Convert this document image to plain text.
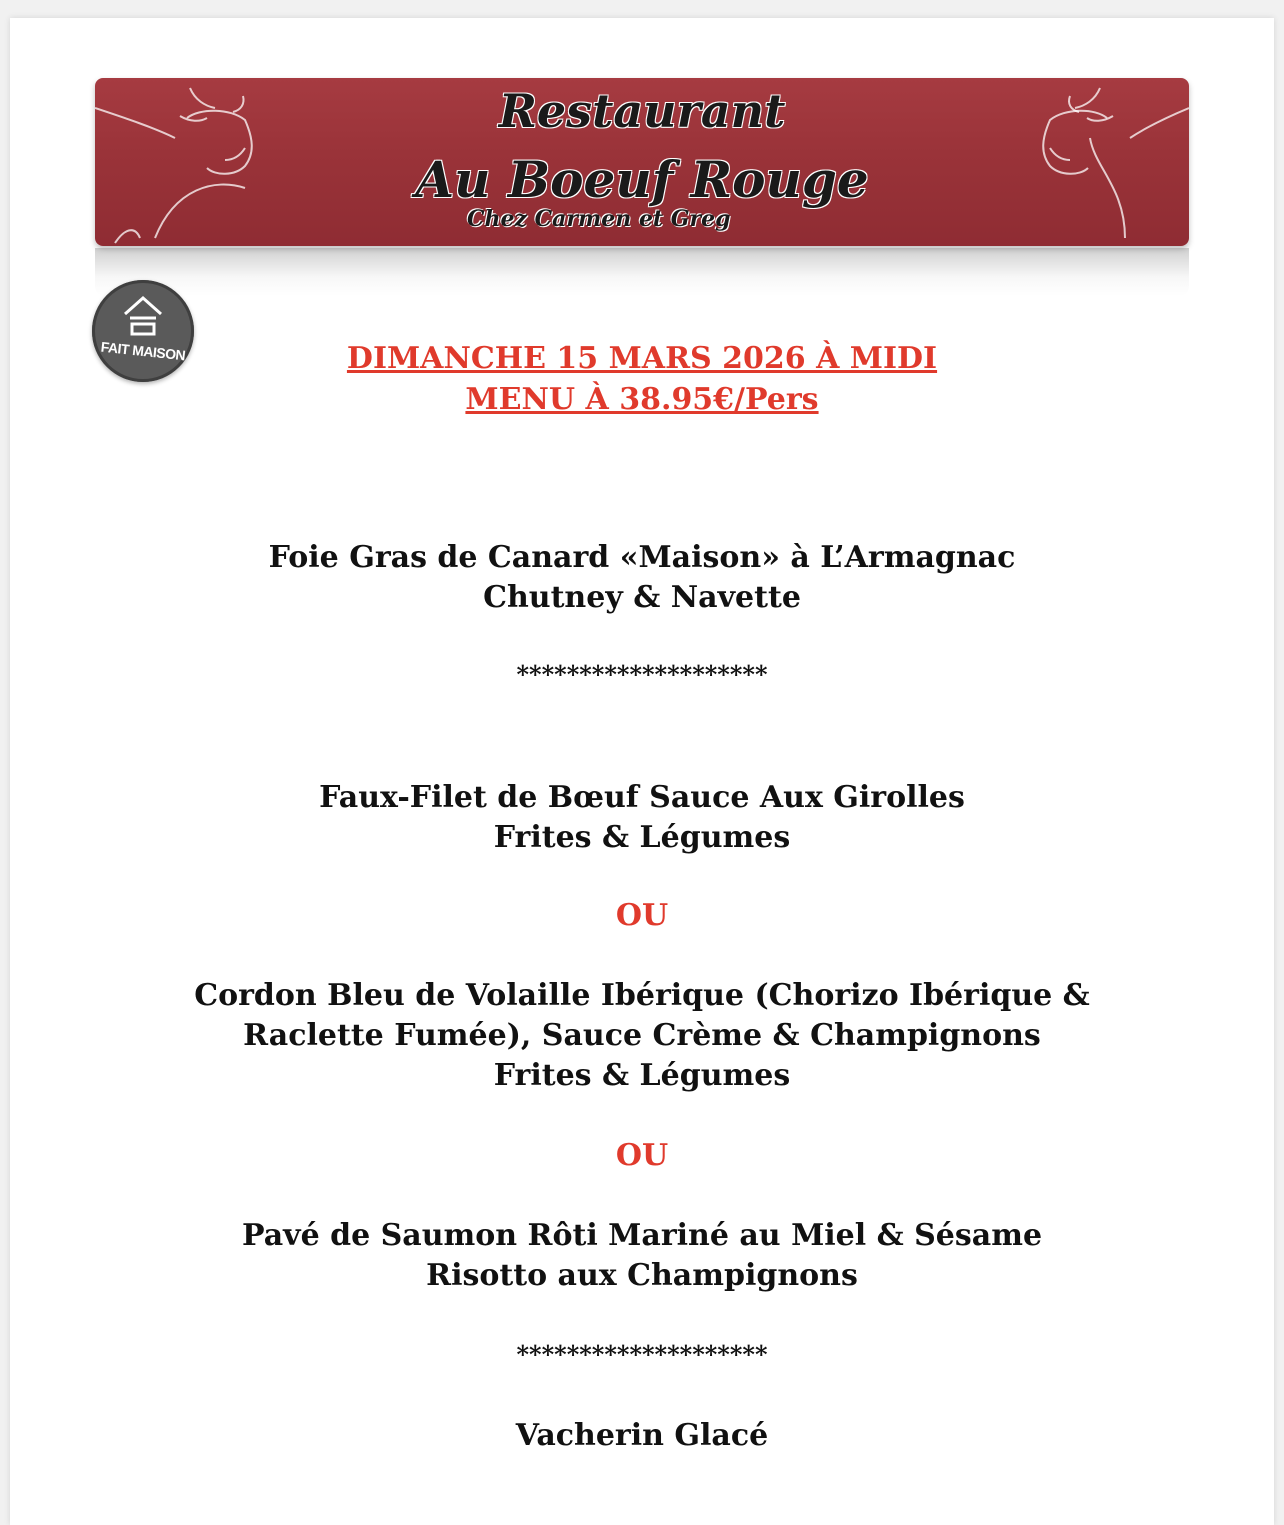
Restaurant
Au Boeuf Rouge
Chez Carmen et Greg
FAIT MAISON	DIMANCHE 15 MARS 2026 À MIDI

MENU À 38.95€/Pers

Foie Gras de Canard «Maison» à L’Armagnac

Chutney & Navette

********************

Faux-Filet de Bœuf Sauce Aux Girolles

Frites & Légumes

OU

Cordon Bleu de Volaille Ibérique (Chorizo Ibérique &

Raclette Fumée), Sauce Crème & Champignons

Frites & Légumes

OU

Pavé de Saumon Rôti Mariné au Miel & Sésame

Risotto aux Champignons

********************

Vacherin Glacé
